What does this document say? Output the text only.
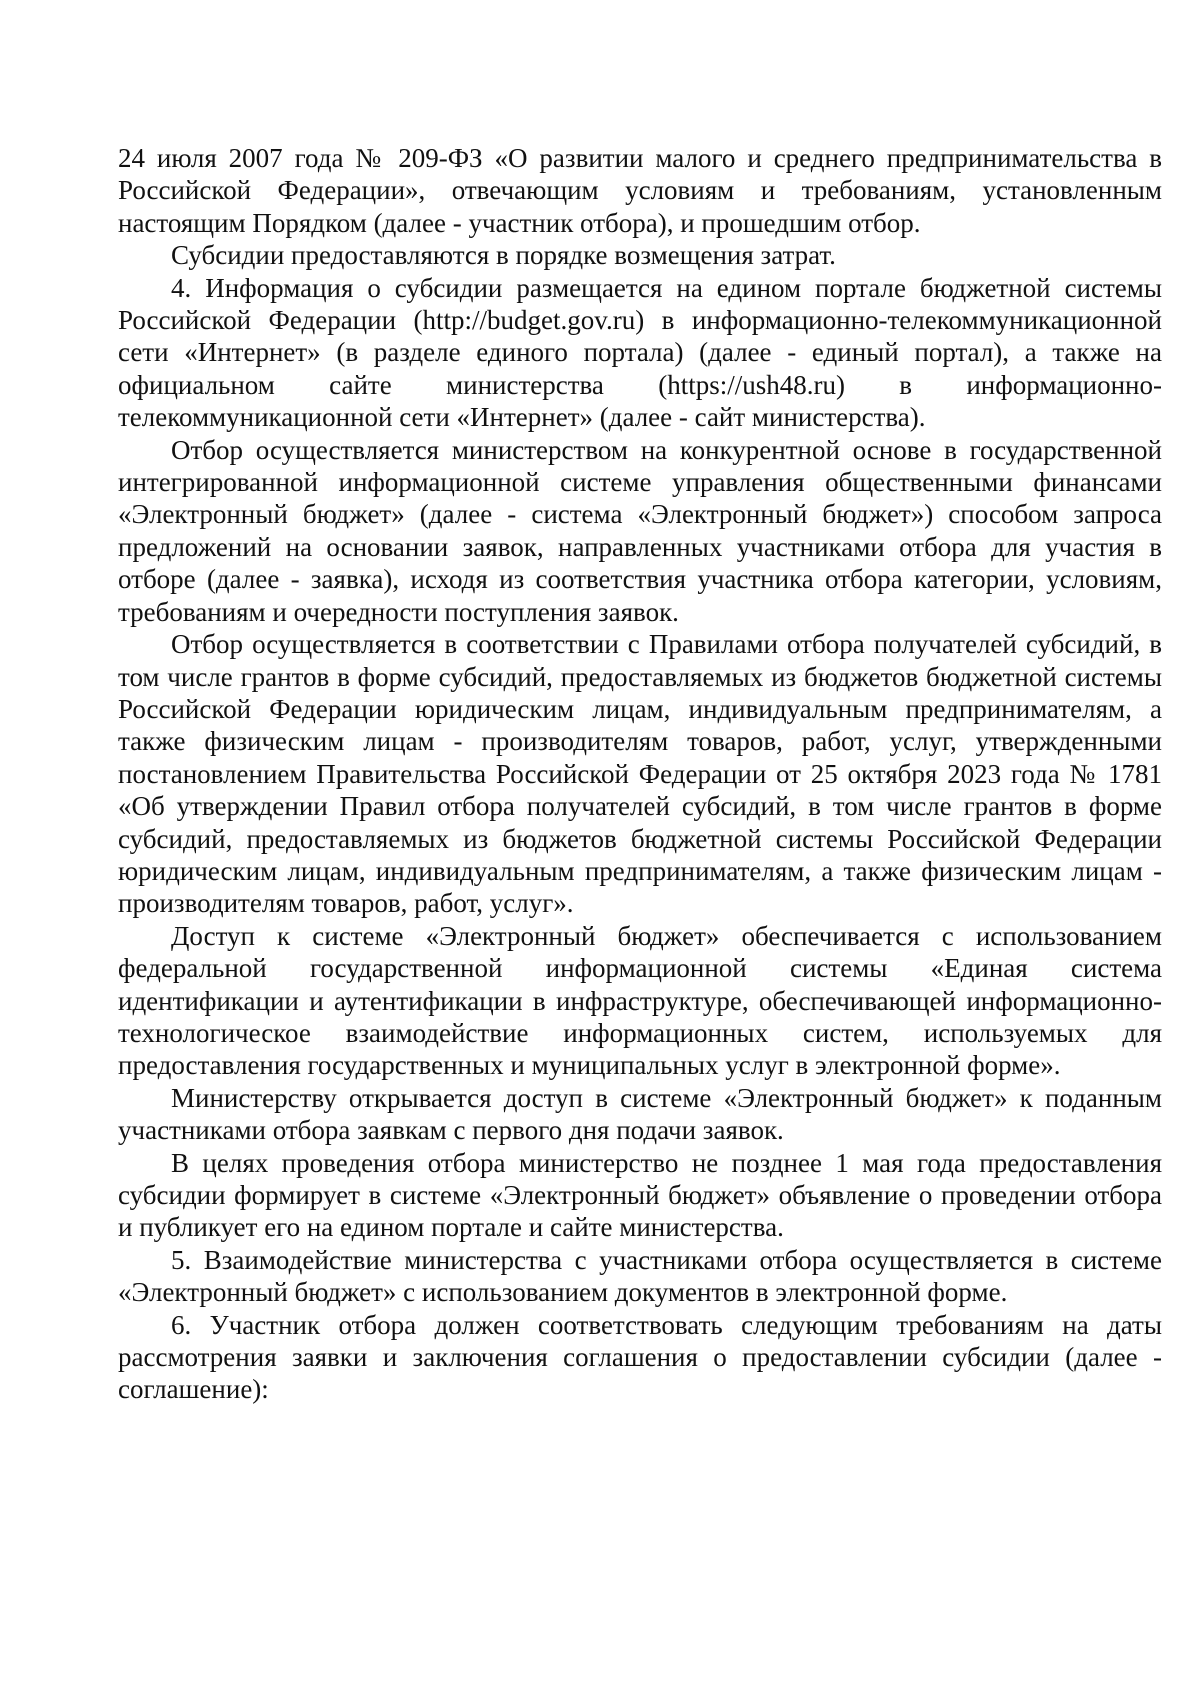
24 июля 2007 года № 209-ФЗ «О развитии малого и среднего предпринимательства в Российской Федерации», отвечающим условиям и требованиям, установленным настоящим Порядком (далее - участник отбора), и прошедшим отбор.

Субсидии предоставляются в порядке возмещения затрат.

4. Информация о субсидии размещается на едином портале бюджетной системы Российской Федерации (http://budget.gov.ru) в информационно-телекоммуникационной сети «Интернет» (в разделе единого портала) (далее - единый портал), а также на официальном сайте министерства (https://ush48.ru) в информационно-телекоммуникационной сети «Интернет» (далее - сайт министерства).

Отбор осуществляется министерством на конкурентной основе в государственной интегрированной информационной системе управления общественными финансами «Электронный бюджет» (далее - система «Электронный бюджет») способом запроса предложений на основании заявок, направленных участниками отбора для участия в отборе (далее - заявка), исходя из соответствия участника отбора категории, условиям, требованиям и очередности поступления заявок.

Отбор осуществляется в соответствии с Правилами отбора получателей субсидий, в том числе грантов в форме субсидий, предоставляемых из бюджетов бюджетной системы Российской Федерации юридическим лицам, индивидуальным предпринимателям, а также физическим лицам - производителям товаров, работ, услуг, утвержденными постановлением Правительства Российской Федерации от 25 октября 2023 года № 1781 «Об утверждении Правил отбора получателей субсидий, в том числе грантов в форме субсидий, предоставляемых из бюджетов бюджетной системы Российской Федерации юридическим лицам, индивидуальным предпринимателям, а также физическим лицам - производителям товаров, работ, услуг».

Доступ к системе «Электронный бюджет» обеспечивается с использованием федеральной государственной информационной системы «Единая система идентификации и аутентификации в инфраструктуре, обеспечивающей информационно-технологическое взаимодействие информационных систем, используемых для предоставления государственных и муниципальных услуг в электронной форме».

Министерству открывается доступ в системе «Электронный бюджет» к поданным участниками отбора заявкам с первого дня подачи заявок.

В целях проведения отбора министерство не позднее 1 мая года предоставления субсидии формирует в системе «Электронный бюджет» объявление о проведении отбора и публикует его на едином портале и сайте министерства.

5. Взаимодействие министерства с участниками отбора осуществляется в системе «Электронный бюджет» с использованием документов в электронной форме.

6. Участник отбора должен соответствовать следующим требованиям на даты рассмотрения заявки и заключения соглашения о предоставлении субсидии (далее - соглашение):
